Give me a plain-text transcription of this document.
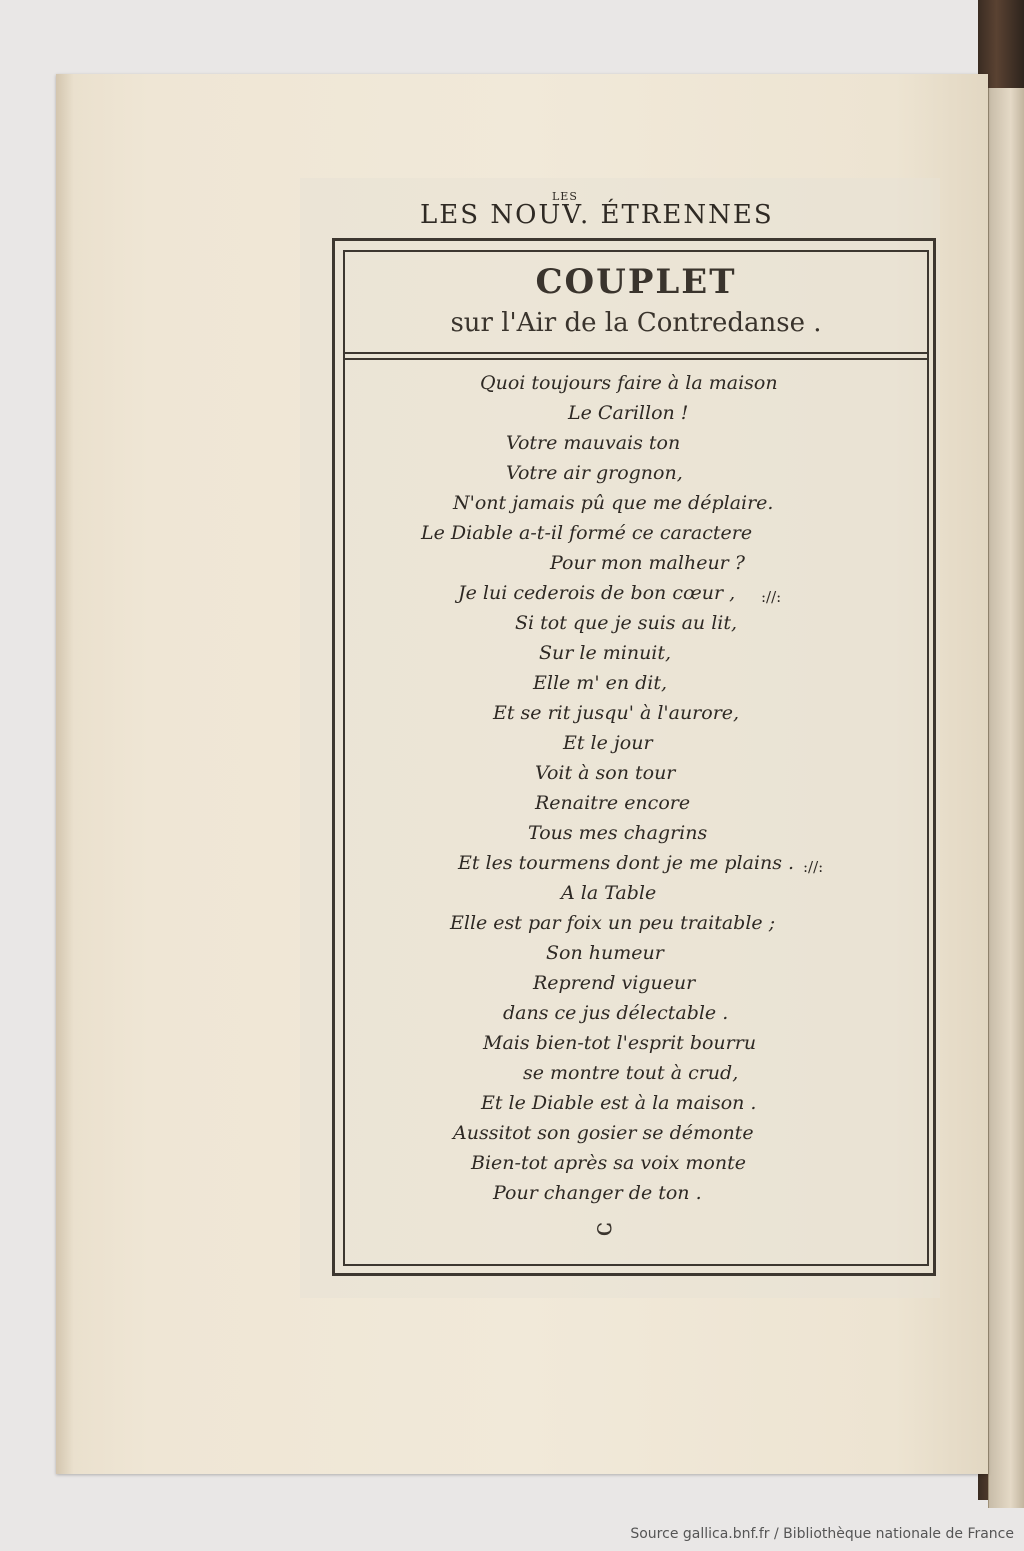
LES NOUV
LES
. ÉTRENNES
COUPLET
sur l'Air de la Contredanse .
Quoi toujours faire à la maison
Le Carillon !
Votre mauvais ton
Votre air grognon,
N'ont jamais pû que me déplaire.
Le Diable a-t-il formé ce caractere
Pour mon malheur ?
Je lui cederois de bon cœur ,
Si tot que je suis au lit,
Sur le minuit,
Elle m' en dit,
Et se rit jusqu' à l'aurore,
Et le jour
Voit à son tour
Renaitre encore
Tous mes chagrins
Et les tourmens dont je me plains .
A la Table
Elle est par foix un peu traitable ;
Son humeur
Reprend vigueur
dans ce jus délectable .
Mais bien-tot l'esprit bourru
se montre tout à crud,
Et le Diable est à la maison .
Aussitot son gosier se démonte
Bien-tot après sa voix monte
Pour changer de ton .
://:
://:
ↄ
Source gallica.bnf.fr / Bibliothèque nationale de France
